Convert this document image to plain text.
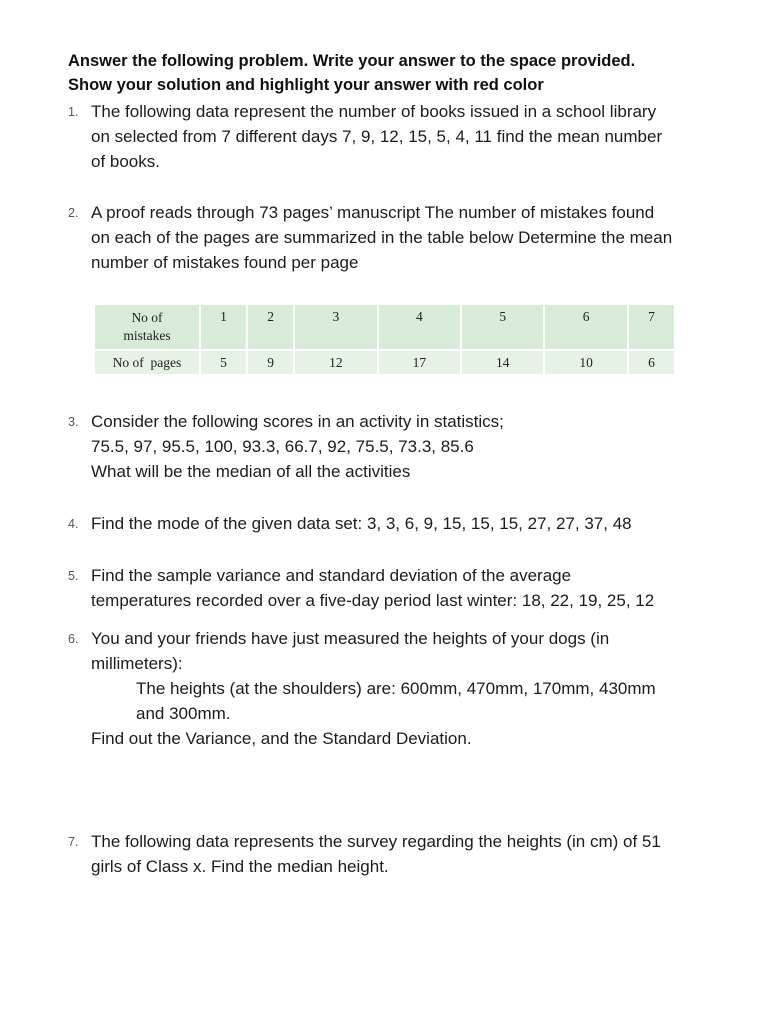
Answer the following problem. Write your answer to the space provided.
Show your solution and highlight your answer with red color
1. The following data represent the number of books issued in a school library
on selected from 7 different days 7, 9, 12, 15, 5, 4, 11 find the mean number
of books.
2. A proof reads through 73 pages’ manuscript The number of mistakes found
on each of the pages are summarized in the table below Determine the mean
number of mistakes found per page
No of
mistakes	1	2	3	4	5	6	7
No of  pages	5	9	12	17	14	10	6
3. Consider the following scores in an activity in statistics;
75.5, 97, 95.5, 100, 93.3, 66.7, 92, 75.5, 73.3, 85.6
What will be the median of all the activities
4. Find the mode of the given data set: 3, 3, 6, 9, 15, 15, 15, 27, 27, 37, 48
5. Find the sample variance and standard deviation of the average
temperatures recorded over a five-day period last winter: 18, 22, 19, 25, 12
6. You and your friends have just measured the heights of your dogs (in
millimeters):
The heights (at the shoulders) are: 600mm, 470mm, 170mm, 430mm
and 300mm.
Find out the Variance, and the Standard Deviation.
7. The following data represents the survey regarding the heights (in cm) of 51
girls of Class x. Find the median height.
